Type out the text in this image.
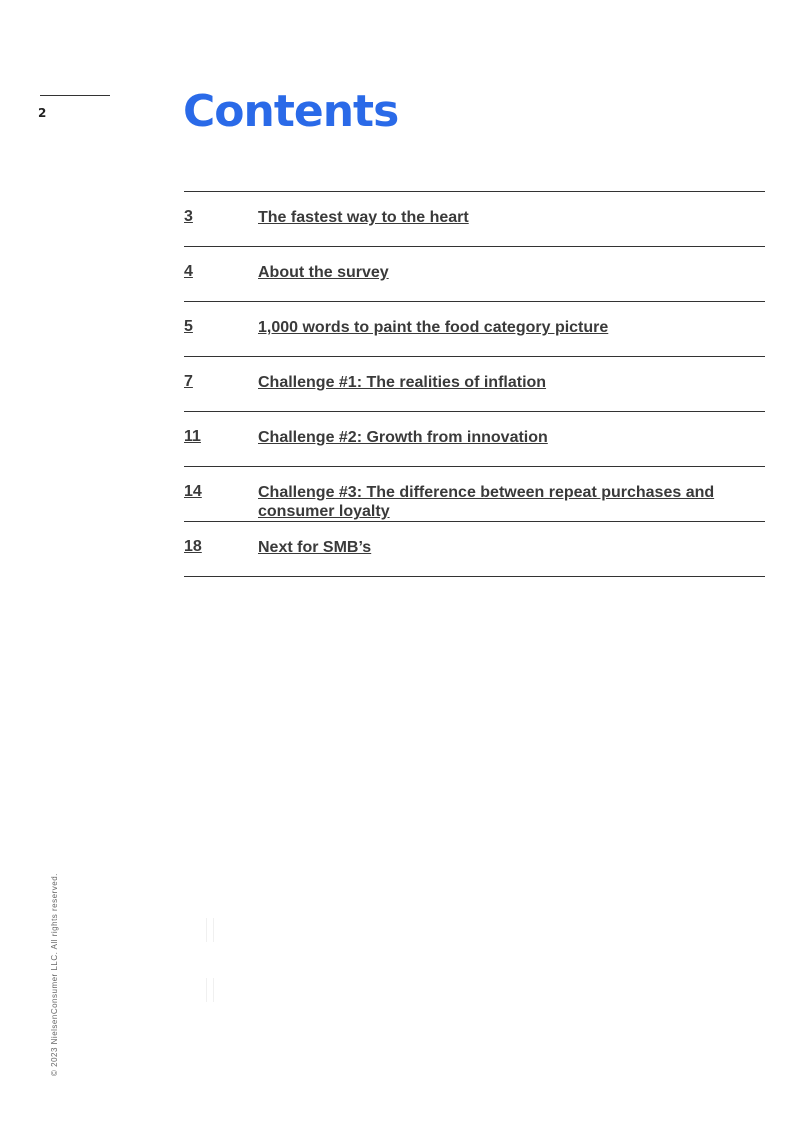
2	Contents
3	The fastest way to the heart
4	About the survey
5	1,000 words to paint the food category picture
7	Challenge #1: The realities of inflation
11	Challenge #2: Growth from innovation
14	Challenge #3: The difference between repeat purchases and consumer loyalty
18	Next for SMB’s
© 2023 NielsenConsumer LLC. All rights reserved.
